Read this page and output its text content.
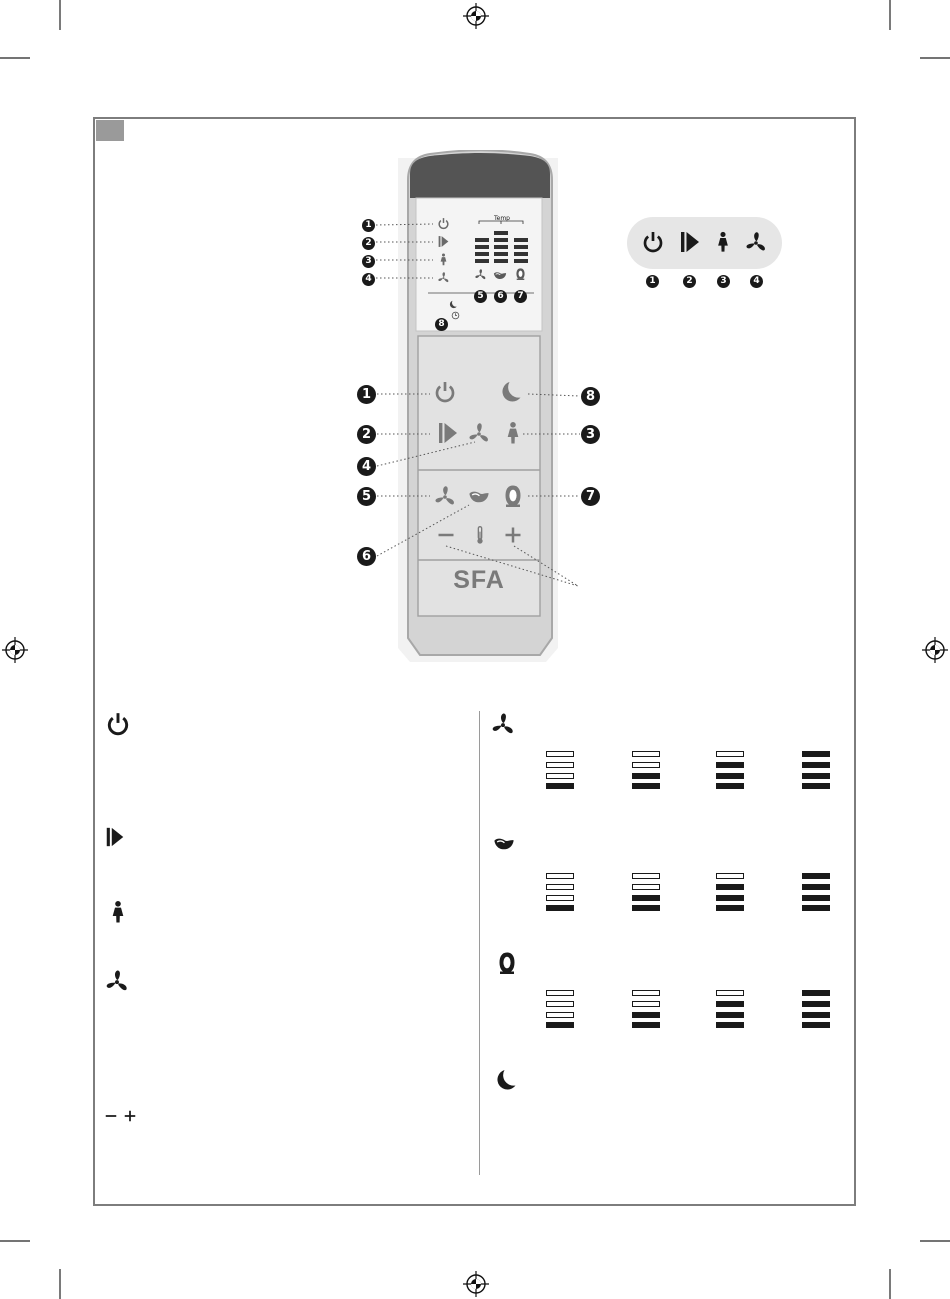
Temp
SFA
1
2
3
4
5	6	7
8
1
2	3
4
5
6
7
8
1	2	3	4
